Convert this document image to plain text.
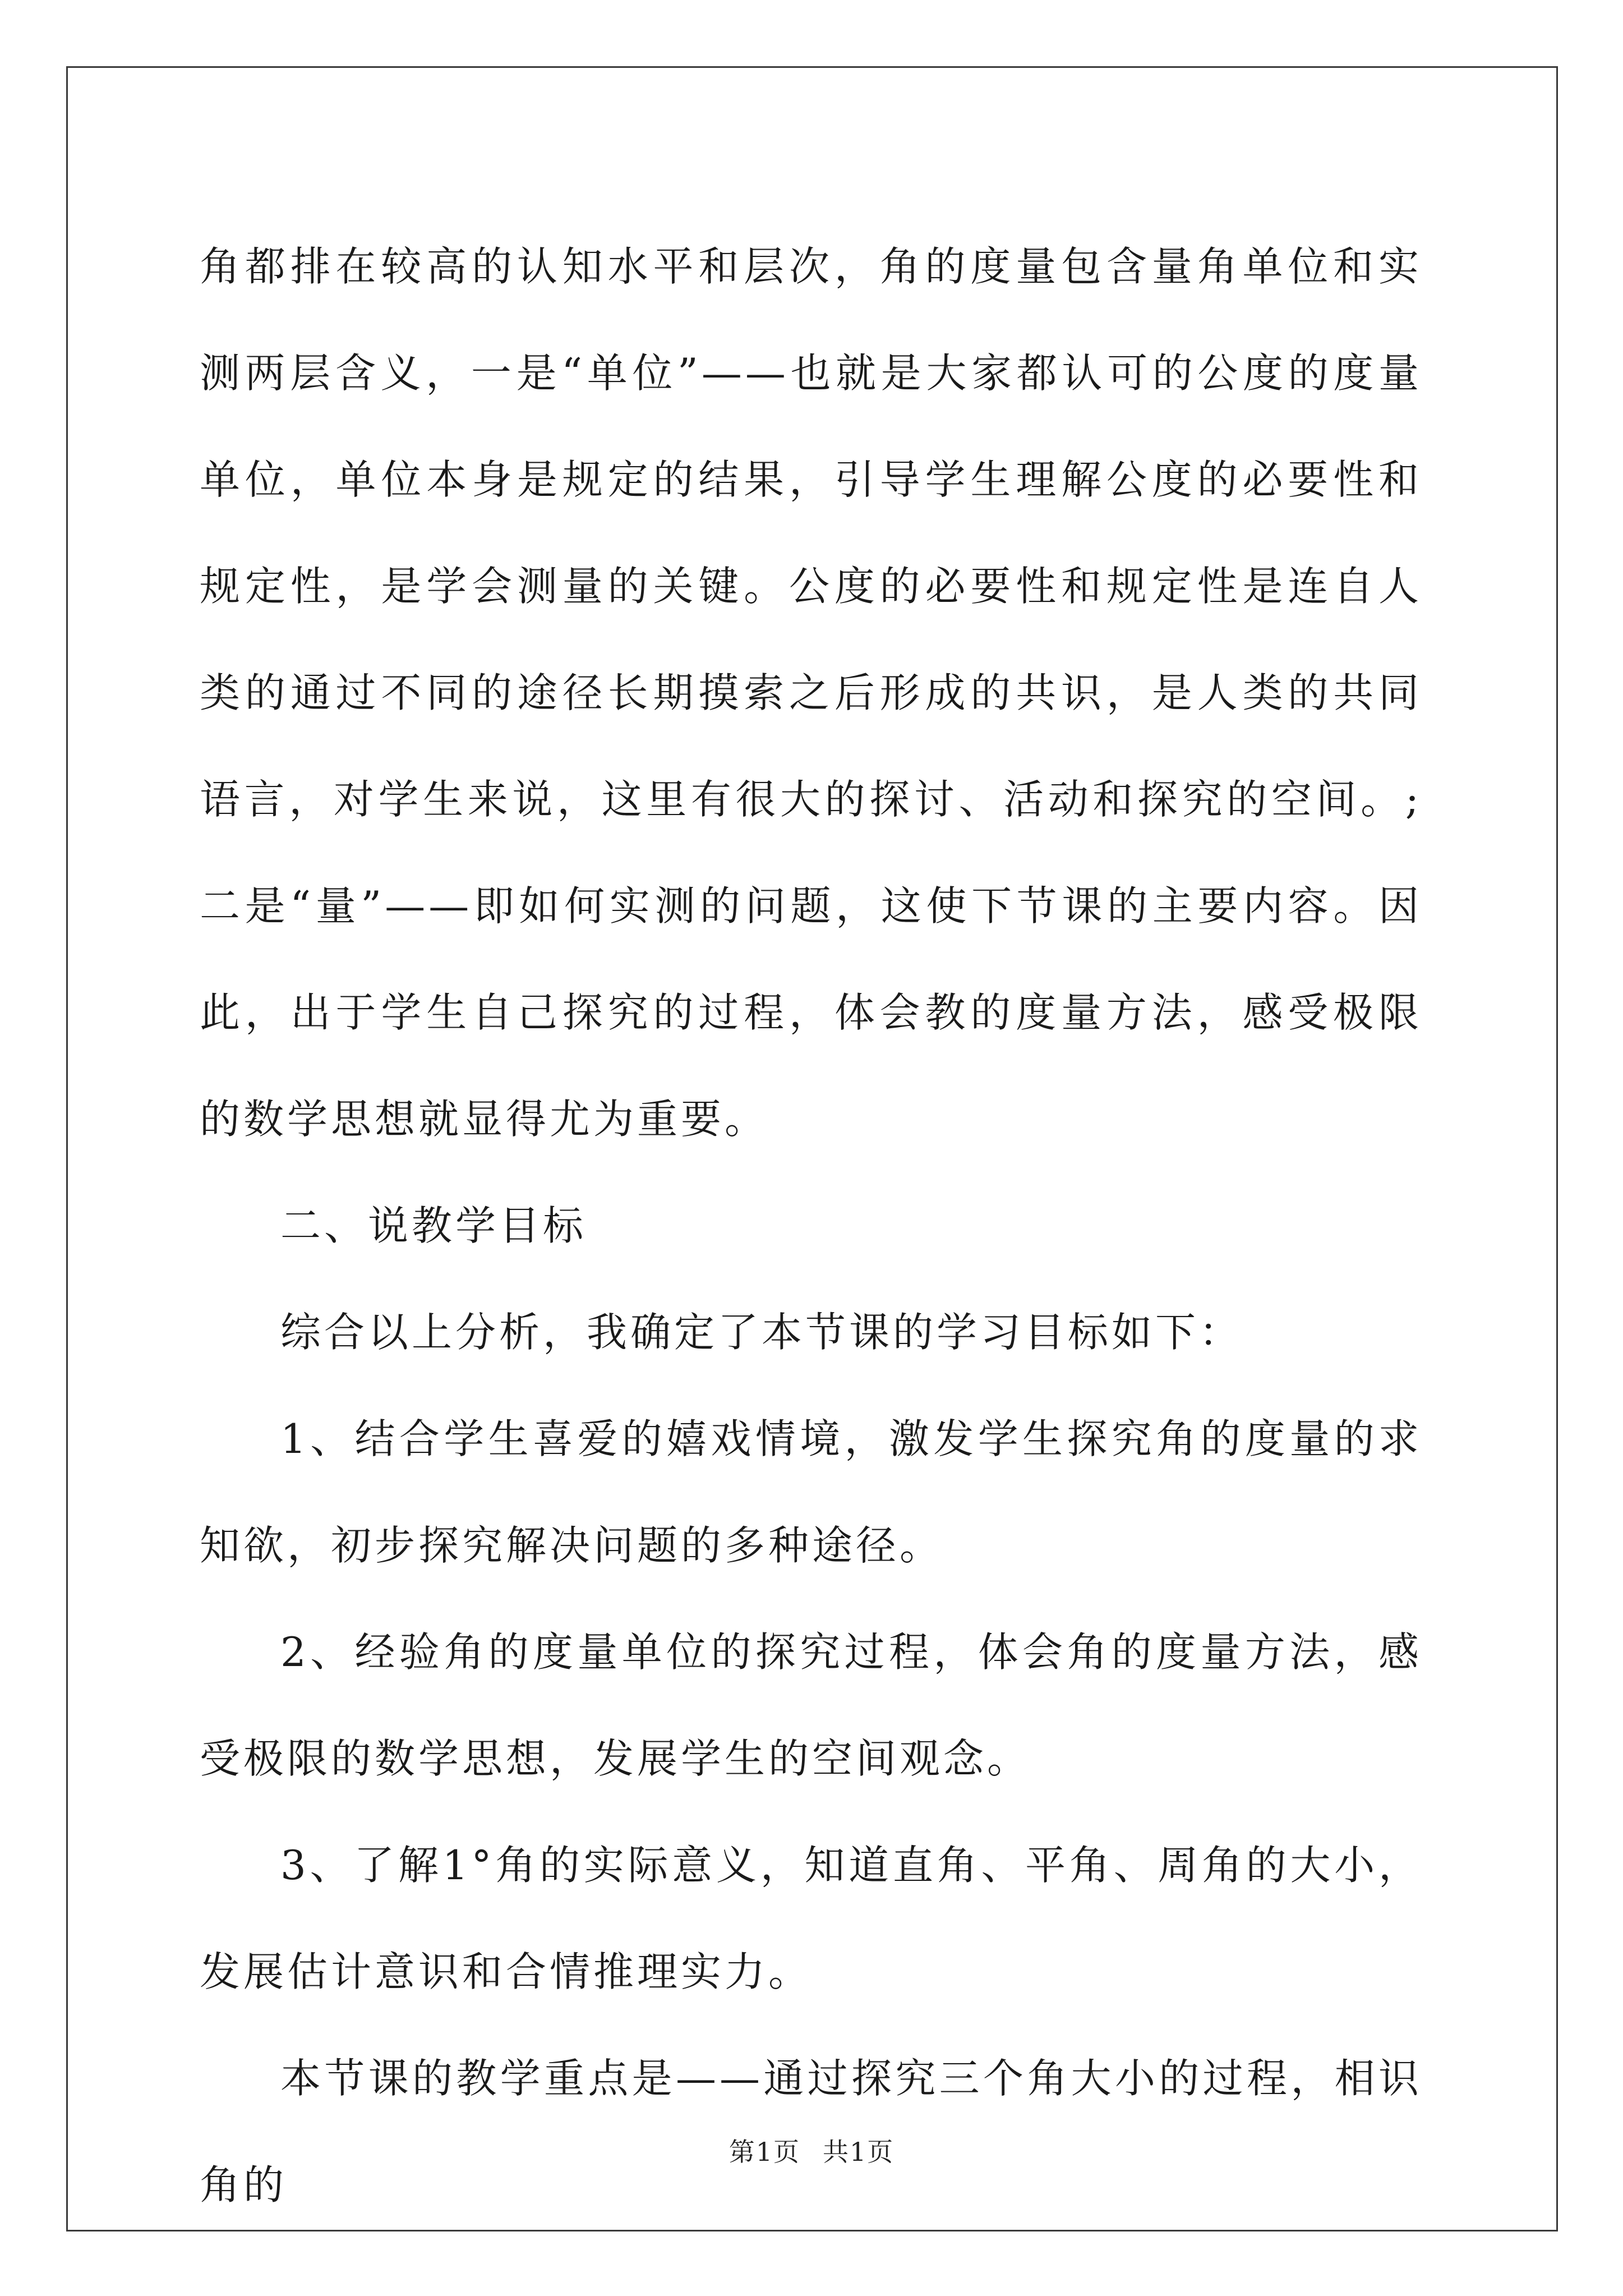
角都排在较高的认知水平和层次，角的度量包含量角单位和实测两层含义，一是“单位”——也就是大家都认可的公度的度量单位，单位本身是规定的结果，引导学生理解公度的必要性和规定性，是学会测量的关键。公度的必要性和规定性是连自人类的通过不同的途径长期摸索之后形成的共识，是人类的共同语言，对学生来说，这里有很大的探讨、活动和探究的空间。;二是“量”——即如何实测的问题，这使下节课的主要内容。因此，出于学生自己探究的过程，体会教的度量方法，感受极限的数学思想就显得尤为重要。

二、说教学目标

综合以上分析，我确定了本节课的学习目标如下：

1、结合学生喜爱的嬉戏情境，激发学生探究角的度量的求知欲，初步探究解决问题的多种途径。

2、经验角的度量单位的探究过程，体会角的度量方法，感受极限的数学思想，发展学生的空间观念。

3、了解1°角的实际意义，知道直角、平角、周角的大小，发展估计意识和合情推理实力。

本节课的教学重点是——通过探究三个角大小的过程，相识角的

第1页 共1页
